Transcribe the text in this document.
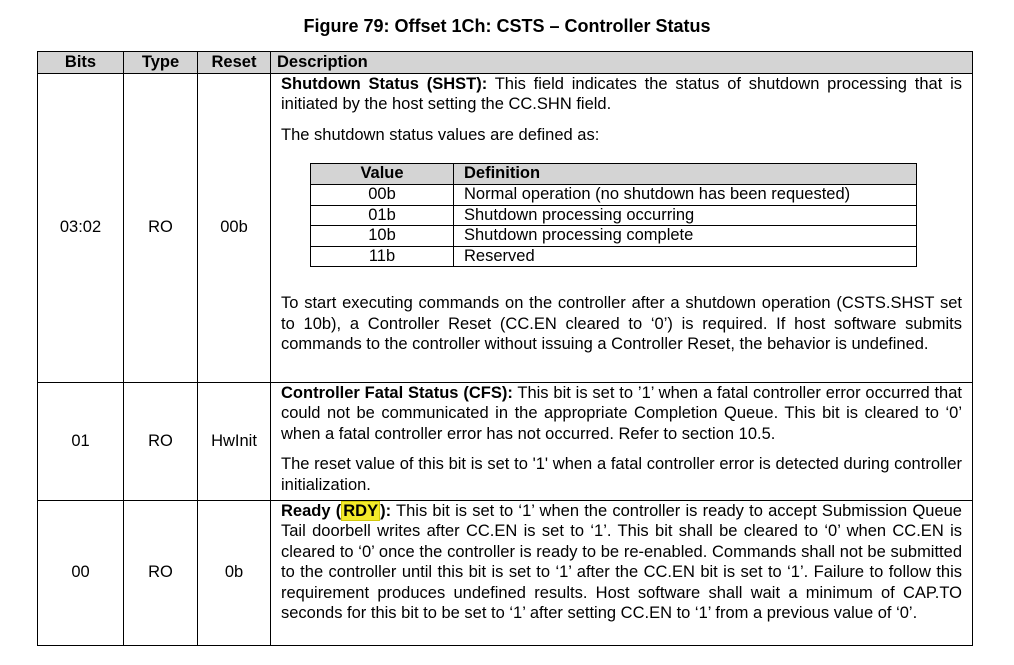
Figure 79: Offset 1Ch: CSTS – Controller Status
Bits	Type	Reset	Description
03:02	RO	00b	

Shutdown Status (SHST): This field indicates the status of shutdown processing that is initiated by the host setting the CC.SHN field.

The shutdown status values are defined as:

Value	Definition
00b	Normal operation (no shutdown has been requested)
01b	Shutdown processing occurring
10b	Shutdown processing complete
11b	Reserved

To start executing commands on the controller after a shutdown operation (CSTS.SHST set to 10b), a Controller Reset (CC.EN cleared to ‘0’) is required. If host software submits commands to the controller without issuing a Controller Reset, the behavior is undefined.

01	RO	HwInit	

Controller Fatal Status (CFS): This bit is set to ’1’ when a fatal controller error occurred that could not be communicated in the appropriate Completion Queue. This bit is cleared to ‘0’ when a fatal controller error has not occurred. Refer to section 10.5.

The reset value of this bit is set to '1' when a fatal controller error is detected during controller initialization.

00	RO	0b	

Ready ( RDY ): This bit is set to ‘1’ when the controller is ready to accept Submission Queue Tail doorbell writes after CC.EN is set to ‘1’. This bit shall be cleared to ‘0’ when CC.EN is cleared to ‘0’ once the controller is ready to be re-enabled. Commands shall not be submitted to the controller until this bit is set to ‘1’ after the CC.EN bit is set to ‘1’. Failure to follow this requirement produces undefined results. Host software shall wait a minimum of CAP.TO seconds for this bit to be set to ‘1’ after setting CC.EN to ‘1’ from a previous value of ‘0’.
